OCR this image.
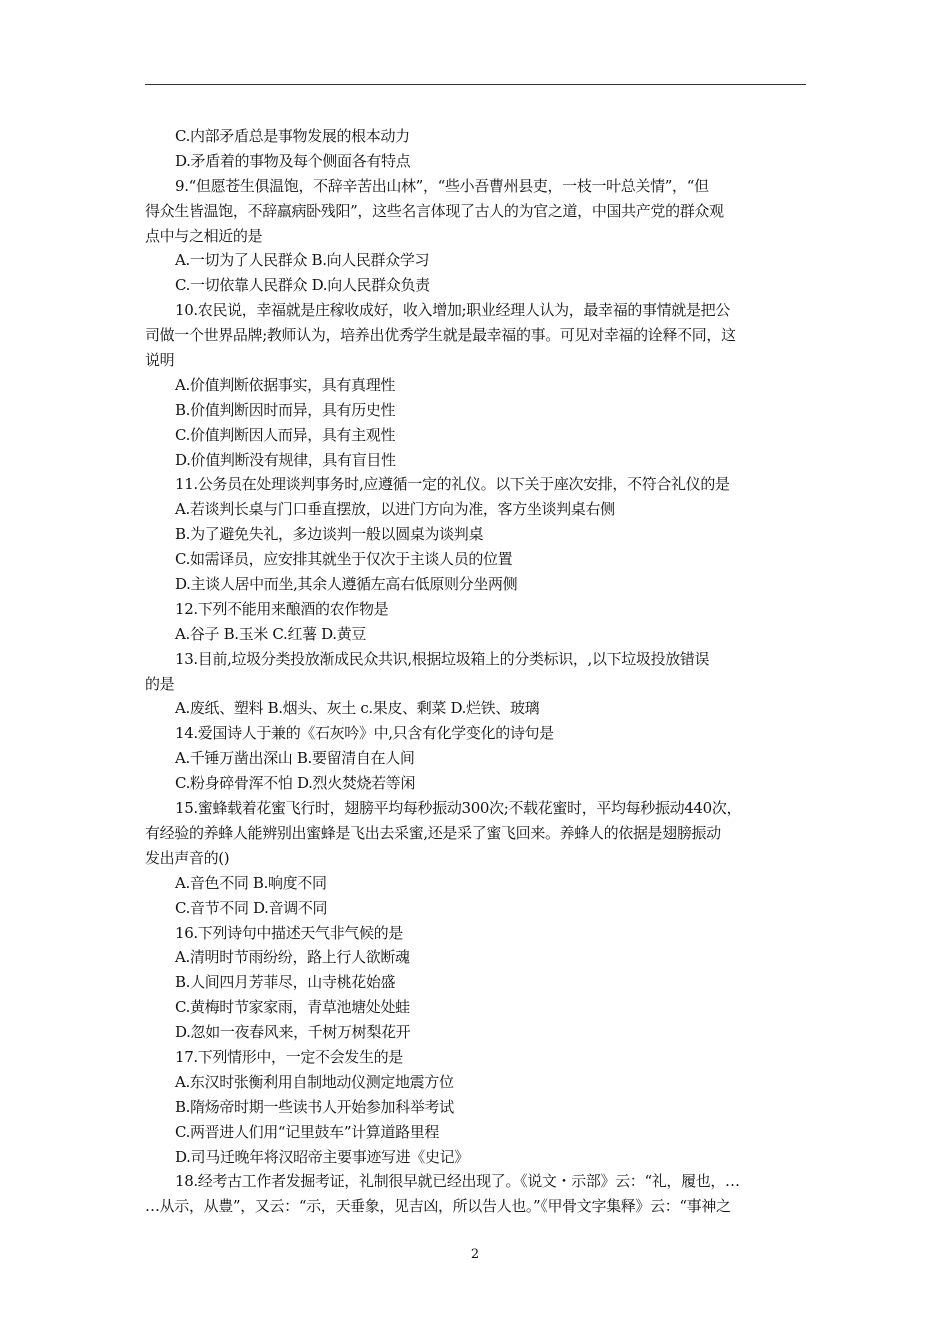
C.内部矛盾总是事物发展的根本动力
D.矛盾着的事物及每个侧面各有特点
9.“但愿苍生俱温饱，不辞辛苦出山林”，“些小吾曹州县吏，一枝一叶总关情”，“但
得众生皆温饱，不辞羸病卧残阳”，这些名言体现了古人的为官之道，中国共产党的群众观
点中与之相近的是
A.一切为了人民群众 B.向人民群众学习
C.一切依靠人民群众 D.向人民群众负责
10.农民说，幸福就是庄稼收成好，收入增加;职业经理人认为，最幸福的事情就是把公
司做一个世界品牌;教师认为，培养出优秀学生就是最幸福的事。可见对幸福的诠释不同，这
说明
A.价值判断依据事实，具有真理性
B.价值判断因时而异，具有历史性
C.价值判断因人而异，具有主观性
D.价值判断没有规律，具有盲目性
11.公务员在处理谈判事务时,应遵循一定的礼仪。以下关于座次安排，不符合礼仪的是
A.若谈判长桌与门口垂直摆放，以进门方向为准，客方坐谈判桌右侧
B.为了避免失礼，多边谈判一般以圆桌为谈判桌
C.如需译员，应安排其就坐于仅次于主谈人员的位置
D.主谈人居中而坐,其余人遵循左高右低原则分坐两侧
12.下列不能用来酿酒的农作物是
A.谷子 B.玉米 C.红薯 D.黄豆
13.目前,垃圾分类投放渐成民众共识,根据垃圾箱上的分类标识，,以下垃圾投放错误
的是
A.废纸、塑料 B.烟头、灰土 c.果皮、剩菜 D.烂铁、玻璃
14.爱国诗人于兼的《石灰吟》中,只含有化学变化的诗句是
A.千锤万凿出深山 B.要留清自在人间
C.粉身碎骨浑不怕 D.烈火焚烧若等闲
15.蜜蜂载着花蜜飞行时，翅膀平均每秒振动300次;不载花蜜时，平均每秒振动440次，
有经验的养蜂人能辨别出蜜蜂是飞出去采蜜,还是采了蜜飞回来。养蜂人的依据是翅膀振动
发出声音的()
A.音色不同 B.响度不同
C.音节不同 D.音调不同
16.下列诗句中描述天气非气候的是
A.清明时节雨纷纷，路上行人欲断魂
B.人间四月芳菲尽，山寺桃花始盛
C.黄梅时节家家雨，青草池塘处处蛙
D.忽如一夜春风来，千树万树梨花开
17.下列情形中，一定不会发生的是
A.东汉时张衡利用自制地动仪测定地震方位
B.隋炀帝时期一些读书人开始参加科举考试
C.两晋进人们用“记里鼓车”计算道路里程
D.司马迁晚年将汉昭帝主要事迹写进《史记》
18.经考古工作者发掘考证，礼制很早就已经出现了。《说文・示部》云：“礼，履也，…
…从示，从豊”，又云：“示，天垂象，见吉凶，所以告人也。”《甲骨文字集释》云：“事神之
2
